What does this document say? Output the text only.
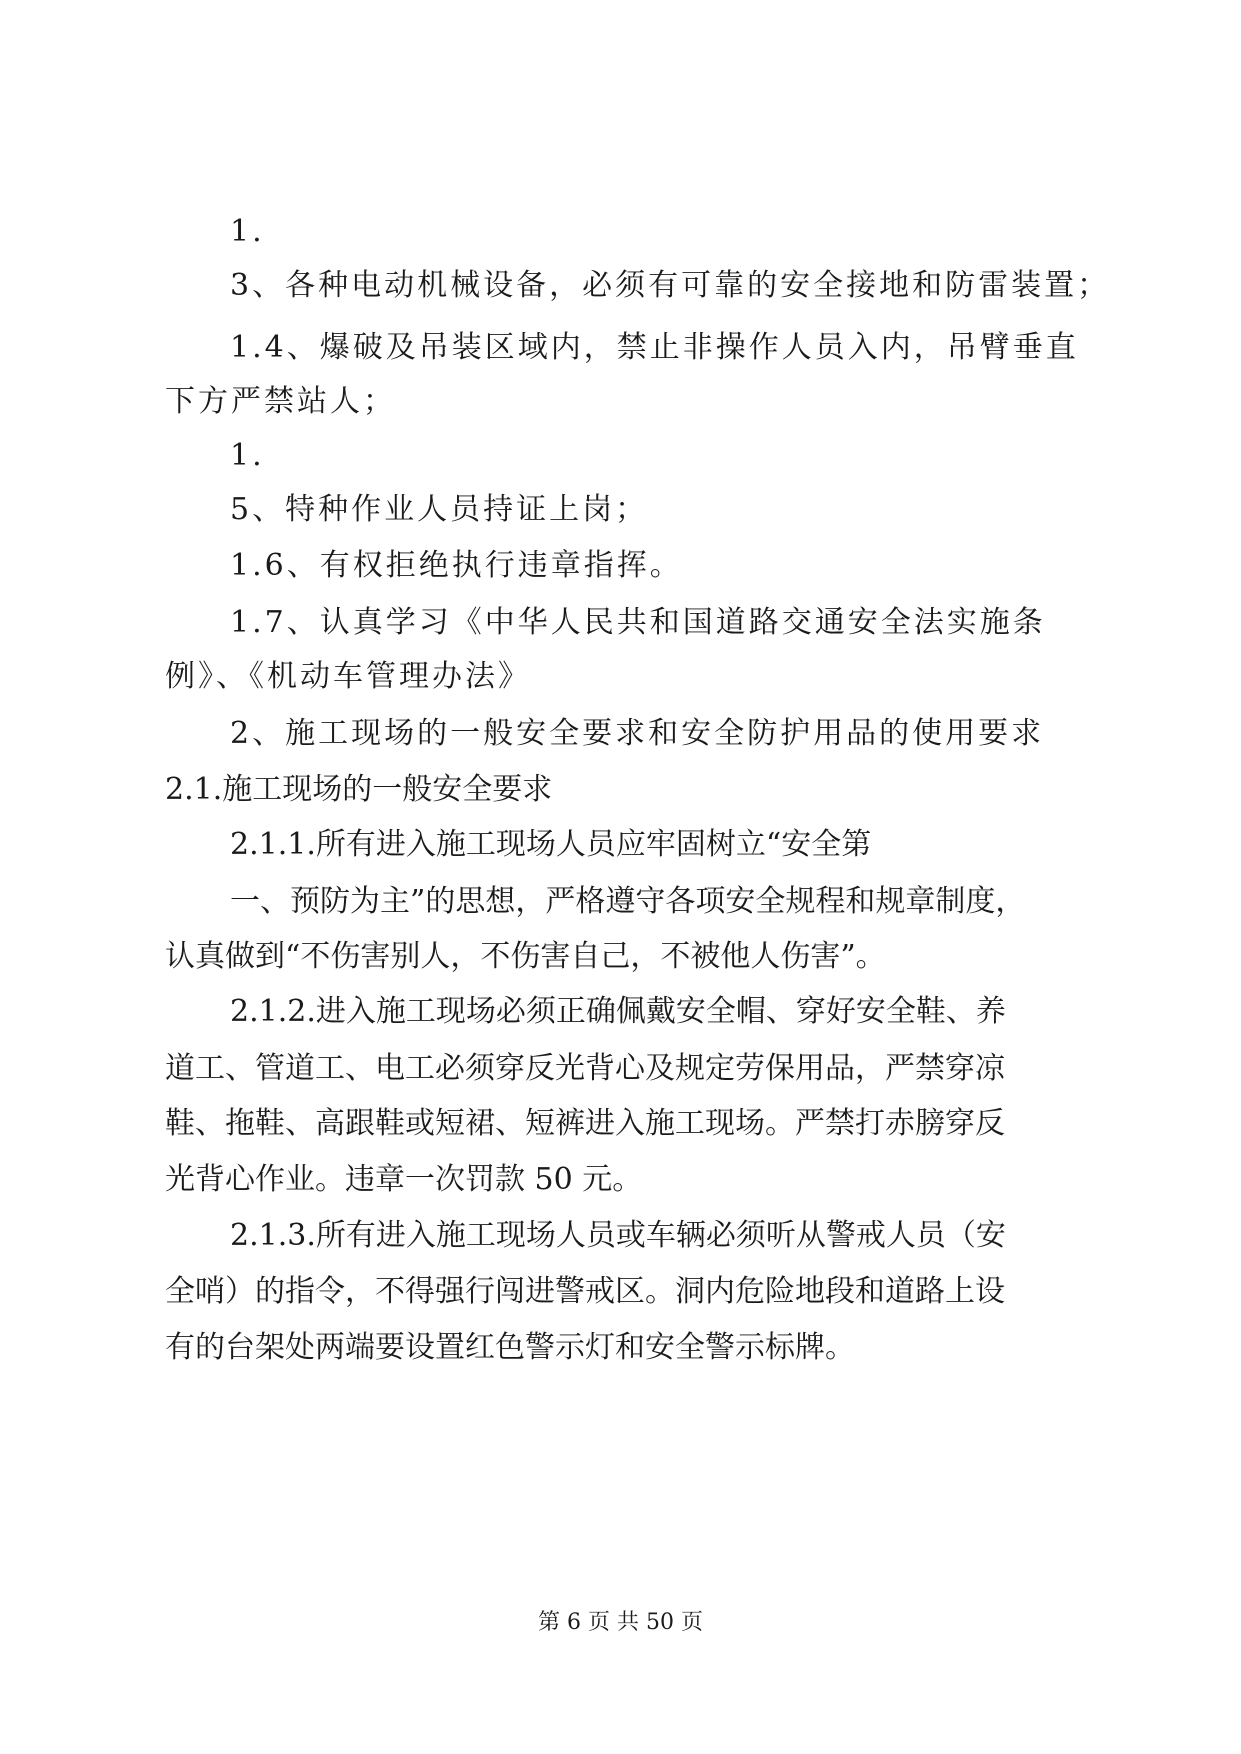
1.
3、各种电动机械设备，必须有可靠的安全接地和防雷装置；
1.4、爆破及吊装区域内，禁止非操作人员入内，吊臂垂直
下方严禁站人；
1.
5、特种作业人员持证上岗；
1.6、有权拒绝执行违章指挥。
1.7、认真学习《中华人民共和国道路交通安全法实施条
例》、《机动车管理办法》
2、施工现场的一般安全要求和安全防护用品的使用要求
2.1.施工现场的一般安全要求
2.1.1.所有进入施工现场人员应牢固树立“安全第
一、预防为主”的思想，严格遵守各项安全规程和规章制度，
认真做到“不伤害别人，不伤害自己，不被他人伤害”。
2.1.2.进入施工现场必须正确佩戴安全帽、穿好安全鞋、养
道工、管道工、电工必须穿反光背心及规定劳保用品，严禁穿凉
鞋、拖鞋、高跟鞋或短裙、短裤进入施工现场。严禁打赤膀穿反
光背心作业。违章一次罚款 50 元。
2.1.3.所有进入施工现场人员或车辆必须听从警戒人员（安
全哨）的指令，不得强行闯进警戒区。洞内危险地段和道路上设
有的台架处两端要设置红色警示灯和安全警示标牌。
第 6 页 共 50 页
